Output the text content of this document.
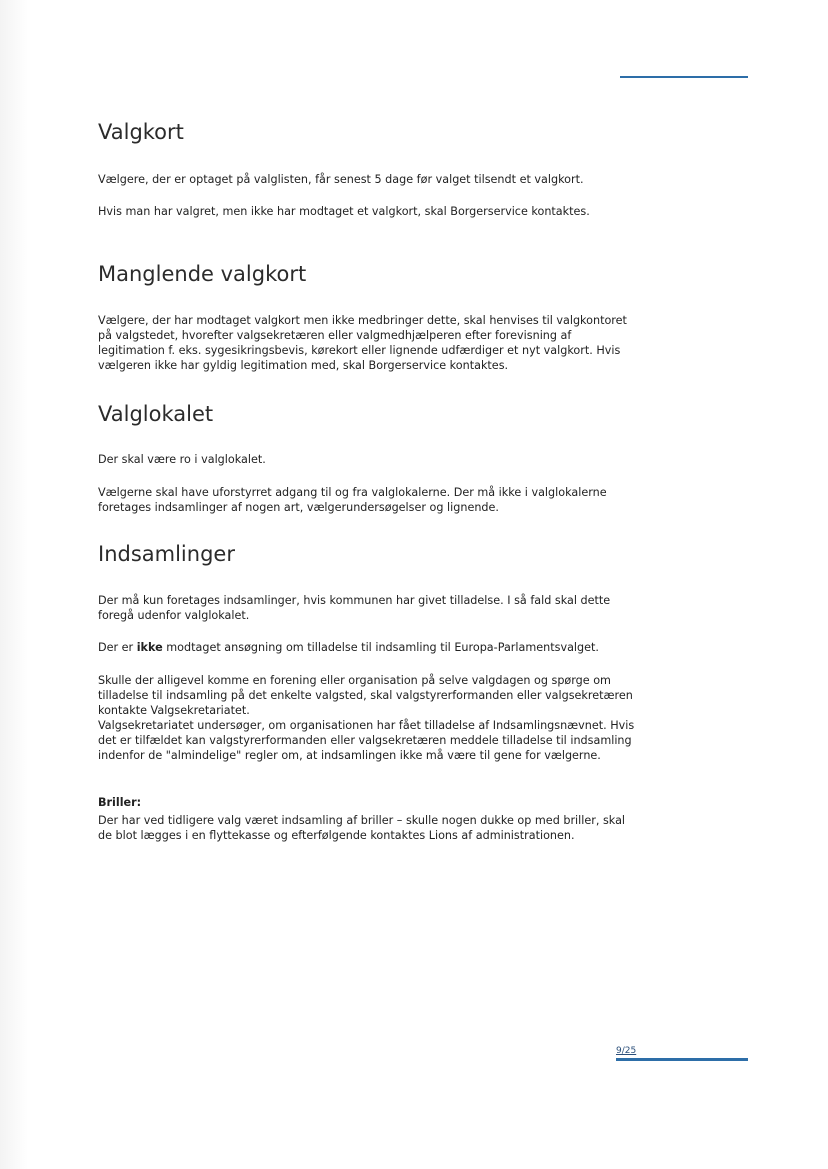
Valgkort

Vælgere, der er optaget på valglisten, får senest 5 dage før valget tilsendt et valgkort.

Hvis man har valgret, men ikke har modtaget et valgkort, skal Borgerservice kontaktes.

Manglende valgkort

Vælgere, der har modtaget valgkort men ikke medbringer dette, skal henvises til valgkontoret på valgstedet, hvorefter valgsekretæren eller valgmedhjælperen efter forevisning af legitimation f. eks. sygesikringsbevis, kørekort eller lignende udfærdiger et nyt valgkort. Hvis vælgeren ikke har gyldig legitimation med, skal Borgerservice kontaktes.

Valglokalet

Der skal være ro i valglokalet.

Vælgerne skal have uforstyrret adgang til og fra valglokalerne. Der må ikke i valglokalerne foretages indsamlinger af nogen art, vælgerundersøgelser og lignende.

Indsamlinger

Der må kun foretages indsamlinger, hvis kommunen har givet tilladelse. I så fald skal dette foregå udenfor valglokalet.

Der er ikke modtaget ansøgning om tilladelse til indsamling til Europa-Parlamentsvalget.

Skulle der alligevel komme en forening eller organisation på selve valgdagen og spørge om tilladelse til indsamling på det enkelte valgsted, skal valgstyrerformanden eller valgsekretæren kontakte Valgsekretariatet.

Valgsekretariatet undersøger, om organisationen har fået tilladelse af Indsamlingsnævnet. Hvis det er tilfældet kan valgstyrerformanden eller valgsekretæren meddele tilladelse til indsamling indenfor de "almindelige" regler om, at indsamlingen ikke må være til gene for vælgerne.

Briller:

Der har ved tidligere valg været indsamling af briller – skulle nogen dukke op med briller, skal de blot lægges i en flyttekasse og efterfølgende kontaktes Lions af administrationen.

9/25
